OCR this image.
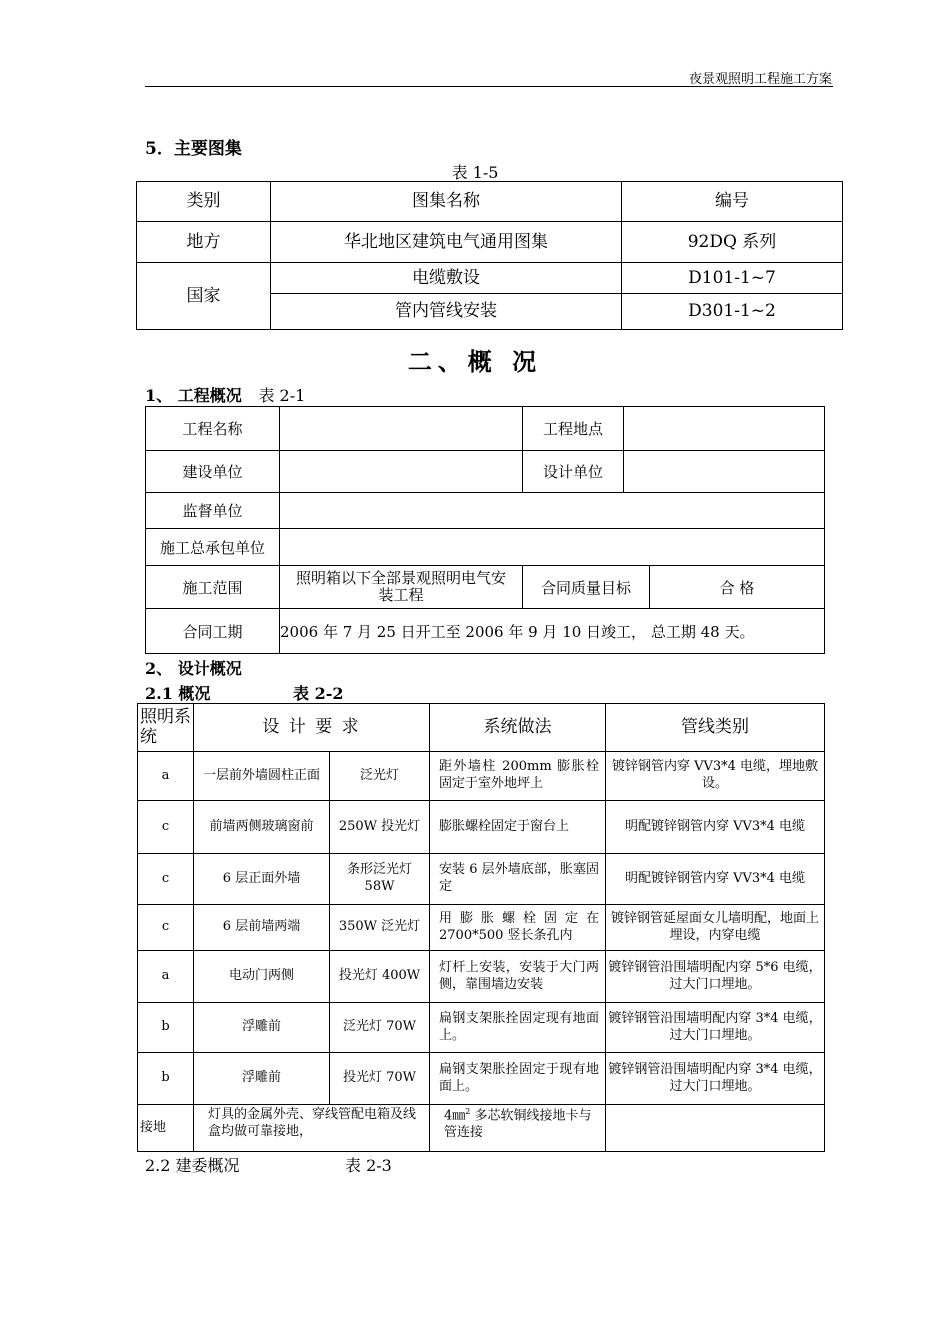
夜景观照明工程施工方案
5．主要图集
表 1-5
类别	图集名称	编号
地方	华北地区建筑电气通用图集	92DQ 系列
国家	电缆敷设	D101-1~7
	管内管线安装	D301-1~2
二、概 况
1、 工程概况 表 2-1
工程名称		工程地点		
建设单位		设计单位		
监督单位				
施工总承包单位				
施工范围	照明箱以下全部景观照明电气安装工程	合同质量目标		合 格
合同工期	2006 年 7 月 25 日开工至 2006 年 9 月 10 日竣工， 总工期 48 天。			
2、 设计概况
2.1 概况	表 2-2
照明系统	设 计 要 求		系统做法	管线类别
a	一层前外墙圆柱正面	泛光灯	距外墙柱 200mm 膨胀栓固定于室外地坪上	镀锌钢管内穿 VV3*4 电缆，埋地敷设。
c	前墙两侧玻璃窗前	250W 投光灯	膨胀螺栓固定于窗台上	明配镀锌钢管内穿 VV3*4 电缆
c	6 层正面外墙	条形泛光灯 58W	安装 6 层外墙底部，胀塞固定	明配镀锌钢管内穿 VV3*4 电缆
c	6 层前墙两端	350W 泛光灯	用膨胀螺栓固定在 2700*500 竖长条孔内	镀锌钢管延屋面女儿墙明配，地面上埋设，内穿电缆
a	电动门两侧	投光灯 400W	灯杆上安装，安装于大门两侧，靠围墙边安装	镀锌钢管沿围墙明配内穿 5*6 电缆，过大门口埋地。
b	浮雕前	泛光灯 70W	扁钢支架胀拴固定现有地面上。	镀锌钢管沿围墙明配内穿 3*4 电缆，过大门口埋地。
b	浮雕前	投光灯 70W	扁钢支架胀拴固定于现有地面上。	镀锌钢管沿围墙明配内穿 3*4 电缆，过大门口埋地。
接地	灯具的金属外壳、穿线管配电箱及线盒均做可靠接地，		4㎜$^2$ 多芯软铜线接地卡与管连接	
2.2 建委概况	表 2-3
